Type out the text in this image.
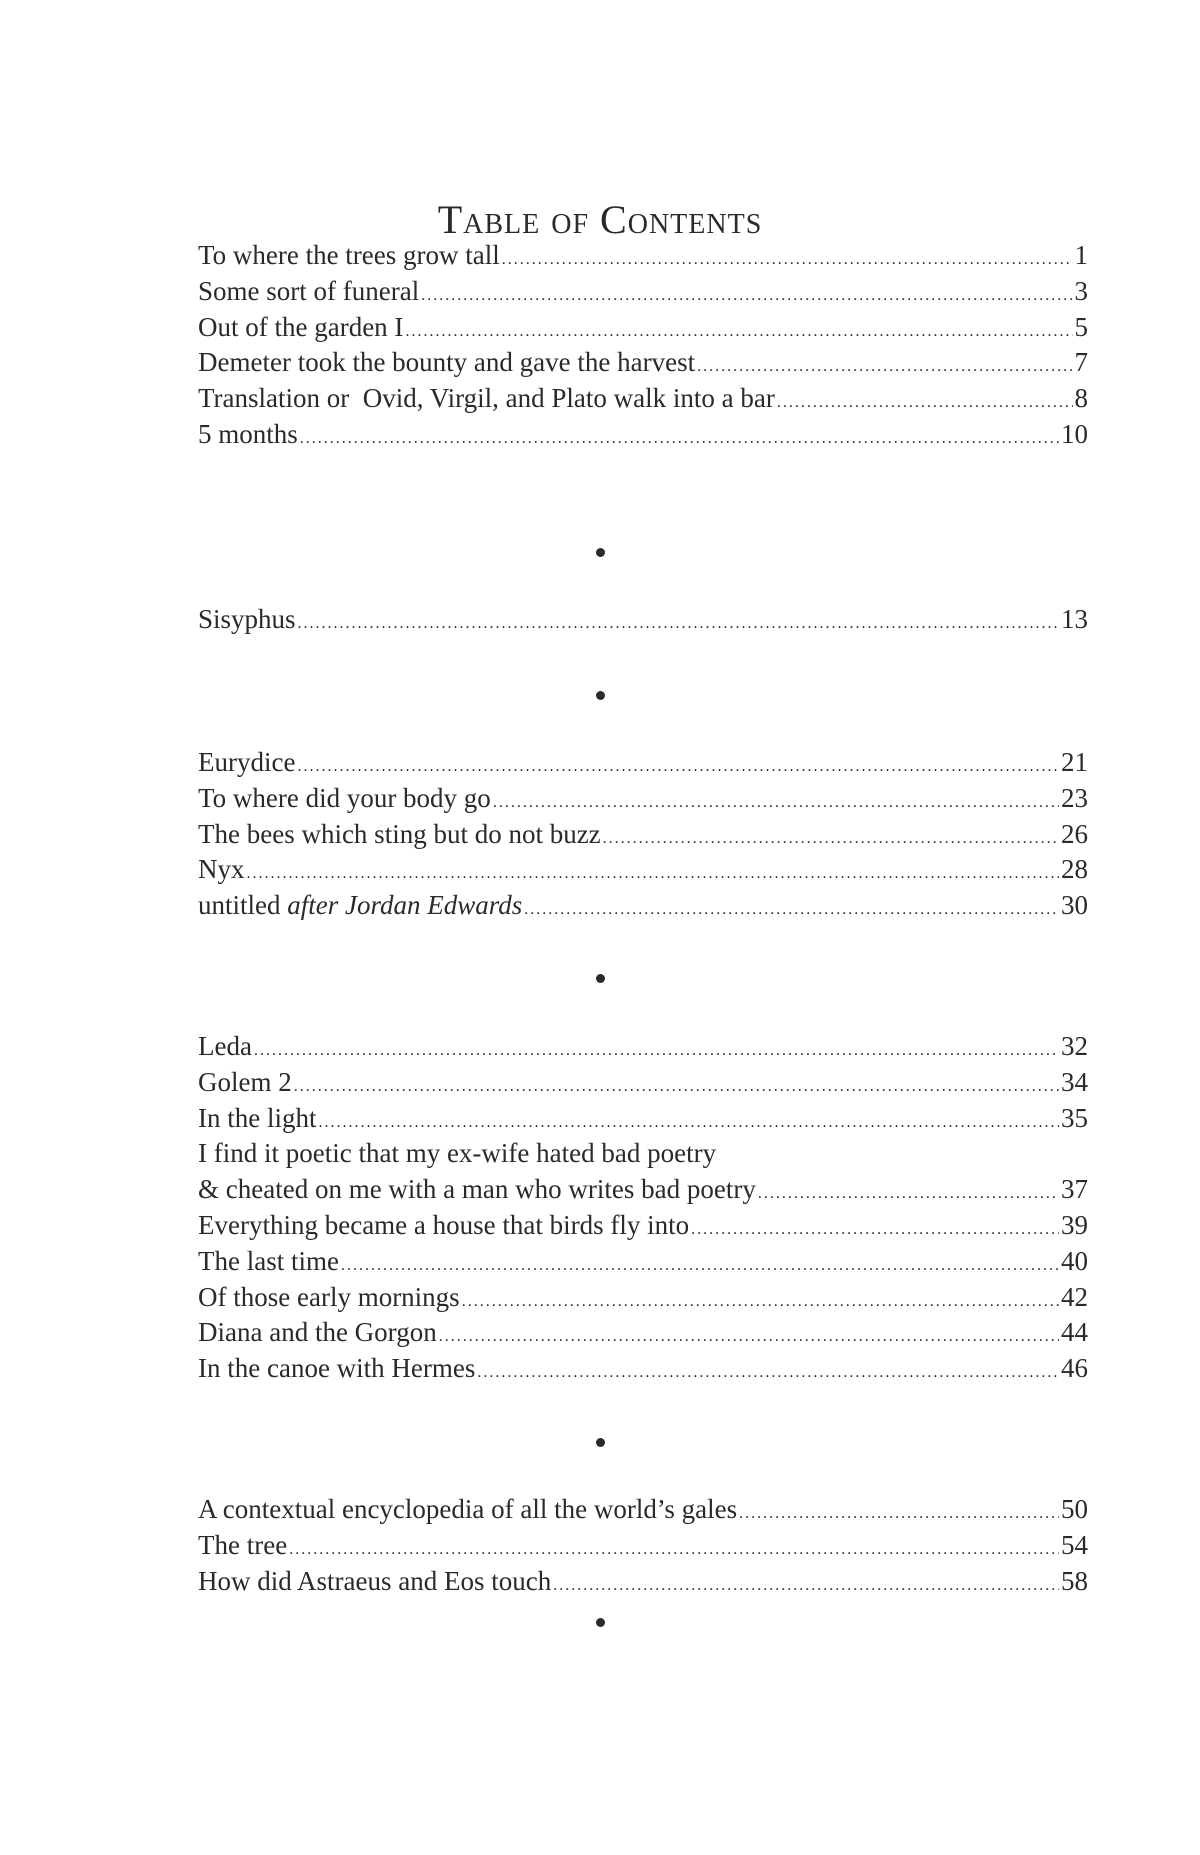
Table of Contents
To where the trees grow tall .....	1
Some sort of funeral .....	3
Out of the garden I .....	5
Demeter took the bounty and gave the harvest .....	7
Translation or  Ovid, Virgil, and Plato walk into a bar .....	8
5 months .....	10
Sisyphus .....	13
Eurydice .....	21
To where did your body go .....	23
The bees which sting but do not buzz .....	26
Nyx .....	28
untitled after Jordan Edwards .....	30
Leda .....	32
Golem 2 .....	34
In the light .....	35
I find it poetic that my ex-wife hated bad poetry
& cheated on me with a man who writes bad poetry .....	37
Everything became a house that birds fly into .....	39
The last time .....	40
Of those early mornings .....	42
Diana and the Gorgon .....	44
In the canoe with Hermes .....	46
A contextual encyclopedia of all the world’s gales .....	50
The tree .....	54
How did Astraeus and Eos touch .....	58
